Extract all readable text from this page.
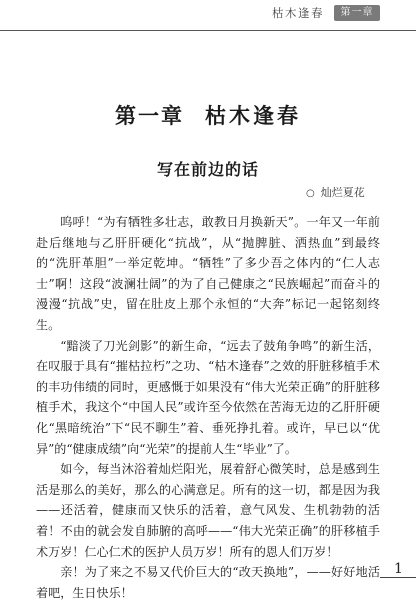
枯木逢春	第一章
第一章 枯木逢春
写在前边的话
○ 灿烂夏花

呜呼！“为有牺牲多壮志，敢教日月换新天”。一年又一年前赴后继地与乙肝肝硬化“抗战”，从“抛脾脏、洒热血”到最终的“洗肝革胆”一举定乾坤。“牺牲”了多少吾之体内的“仁人志士”啊！这段“波澜壮阔”的为了自己健康之“民族崛起”而奋斗的漫漫“抗战”史，留在肚皮上那个永恒的“大奔”标记一起铭刻终生。

“黯淡了刀光剑影”的新生命，“远去了鼓角争鸣”的新生活，在叹服于具有“摧枯拉朽”之功、“枯木逢春”之效的肝脏移植手术的丰功伟绩的同时，更感慨于如果没有“伟大光荣正确”的肝脏移植手术，我这个“中国人民”或许至今依然在苦海无边的乙肝肝硬化“黑暗统治”下“民不聊生”着、垂死挣扎着。或许，早已以“优异”的“健康成绩”向“光荣”的提前人生“毕业”了。

如今，每当沐浴着灿烂阳光，展着舒心微笑时，总是感到生活是那么的美好，那么的心满意足。所有的这一切，都是因为我——还活着，健康而又快乐的活着，意气风发、生机勃勃的活着！不由的就会发自肺腑的高呼——“伟大光荣正确”的肝移植手术万岁！仁心仁术的医护人员万岁！所有的恩人们万岁！

亲！为了来之不易又代价巨大的“改天换地”，——好好地活着吧，生日快乐！

1
